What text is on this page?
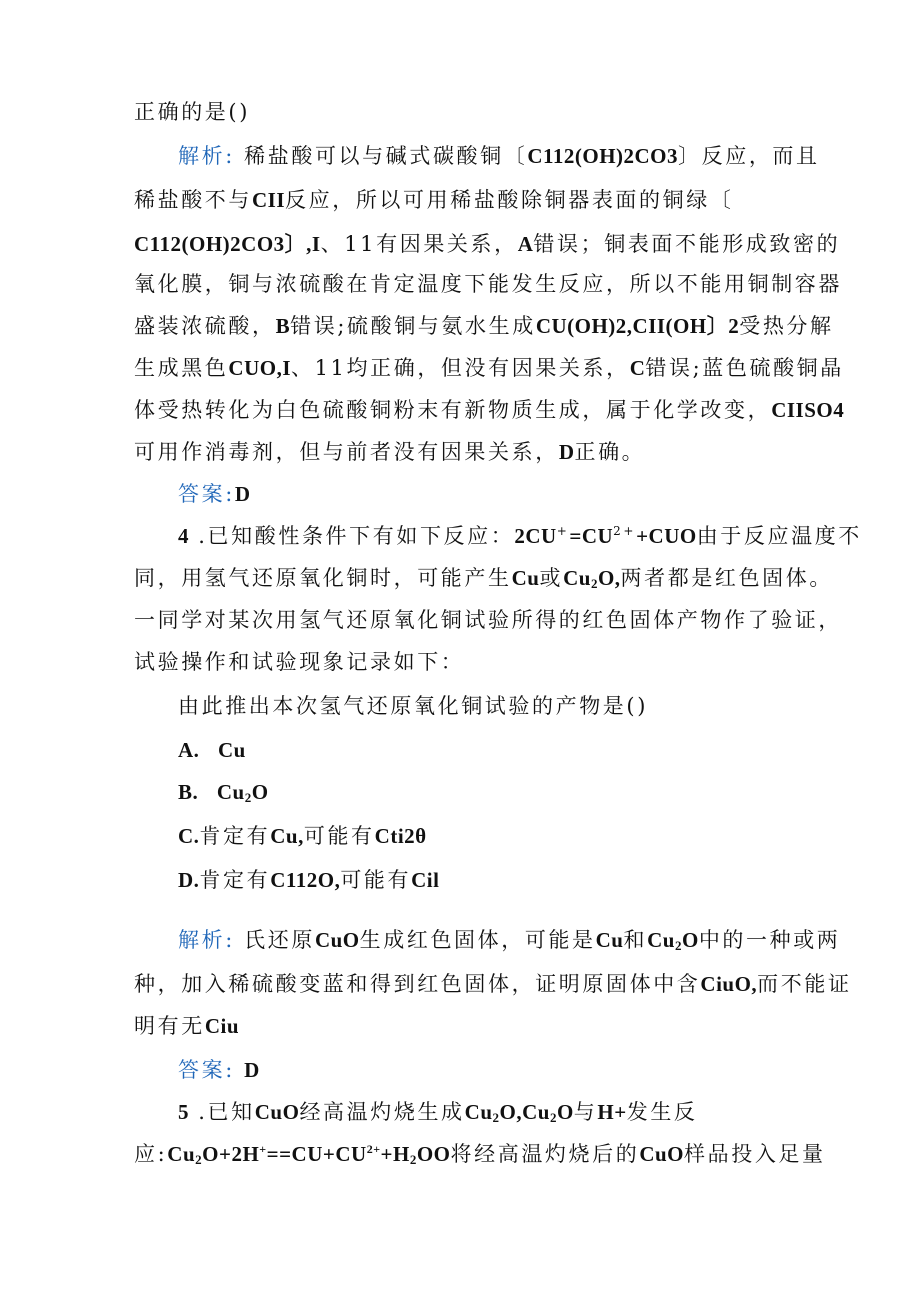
正确的是()
解析: 稀盐酸可以与碱式碳酸铜〔C112(OH)2CO3〕反应，而且
稀盐酸不与CII反应，所以可用稀盐酸除铜器表面的铜绿〔
C112(OH)2CO3〕,I、11有因果关系，A错误；铜表面不能形成致密的
氧化膜，铜与浓硫酸在肯定温度下能发生反应，所以不能用铜制容器
盛装浓硫酸，B错误;硫酸铜与氨水生成CU(OH)2,CII(OH〕2受热分解
生成黑色CUO,I、11均正确，但没有因果关系，C错误;蓝色硫酸铜晶
体受热转化为白色硫酸铜粉末有新物质生成，属于化学改变，CIISO4
可用作消毒剂，但与前者没有因果关系，D正确。
答案:D
4 .已知酸性条件下有如下反应：$2CU^+=CU^{2+}+CUO$由于反应温度不
同，用氢气还原氧化铜时，可能产生Cu或$Cu_2O$,两者都是红色固体。
一同学对某次用氢气还原氧化铜试验所得的红色固体产物作了验证，
试验操作和试验现象记录如下：
由此推出本次氢气还原氧化铜试验的产物是()
A. Cu
B. $Cu_2O$
C.肯定有Cu,可能有Cti2θ
D.肯定有C112O,可能有Cil
解析: 氏还原CuO生成红色固体，可能是Cu和$Cu_2O$中的一种或两
种，加入稀硫酸变蓝和得到红色固体，证明原固体中含CiuO,而不能证
明有无Ciu
答案: D
5 .已知CuO经高温灼烧生成$Cu_2O,Cu_2O$与H+发生反
应$:Cu_2O+2H^+==CU+CU^{2+}+H_2OO$将经高温灼烧后的CuO样品投入足量
